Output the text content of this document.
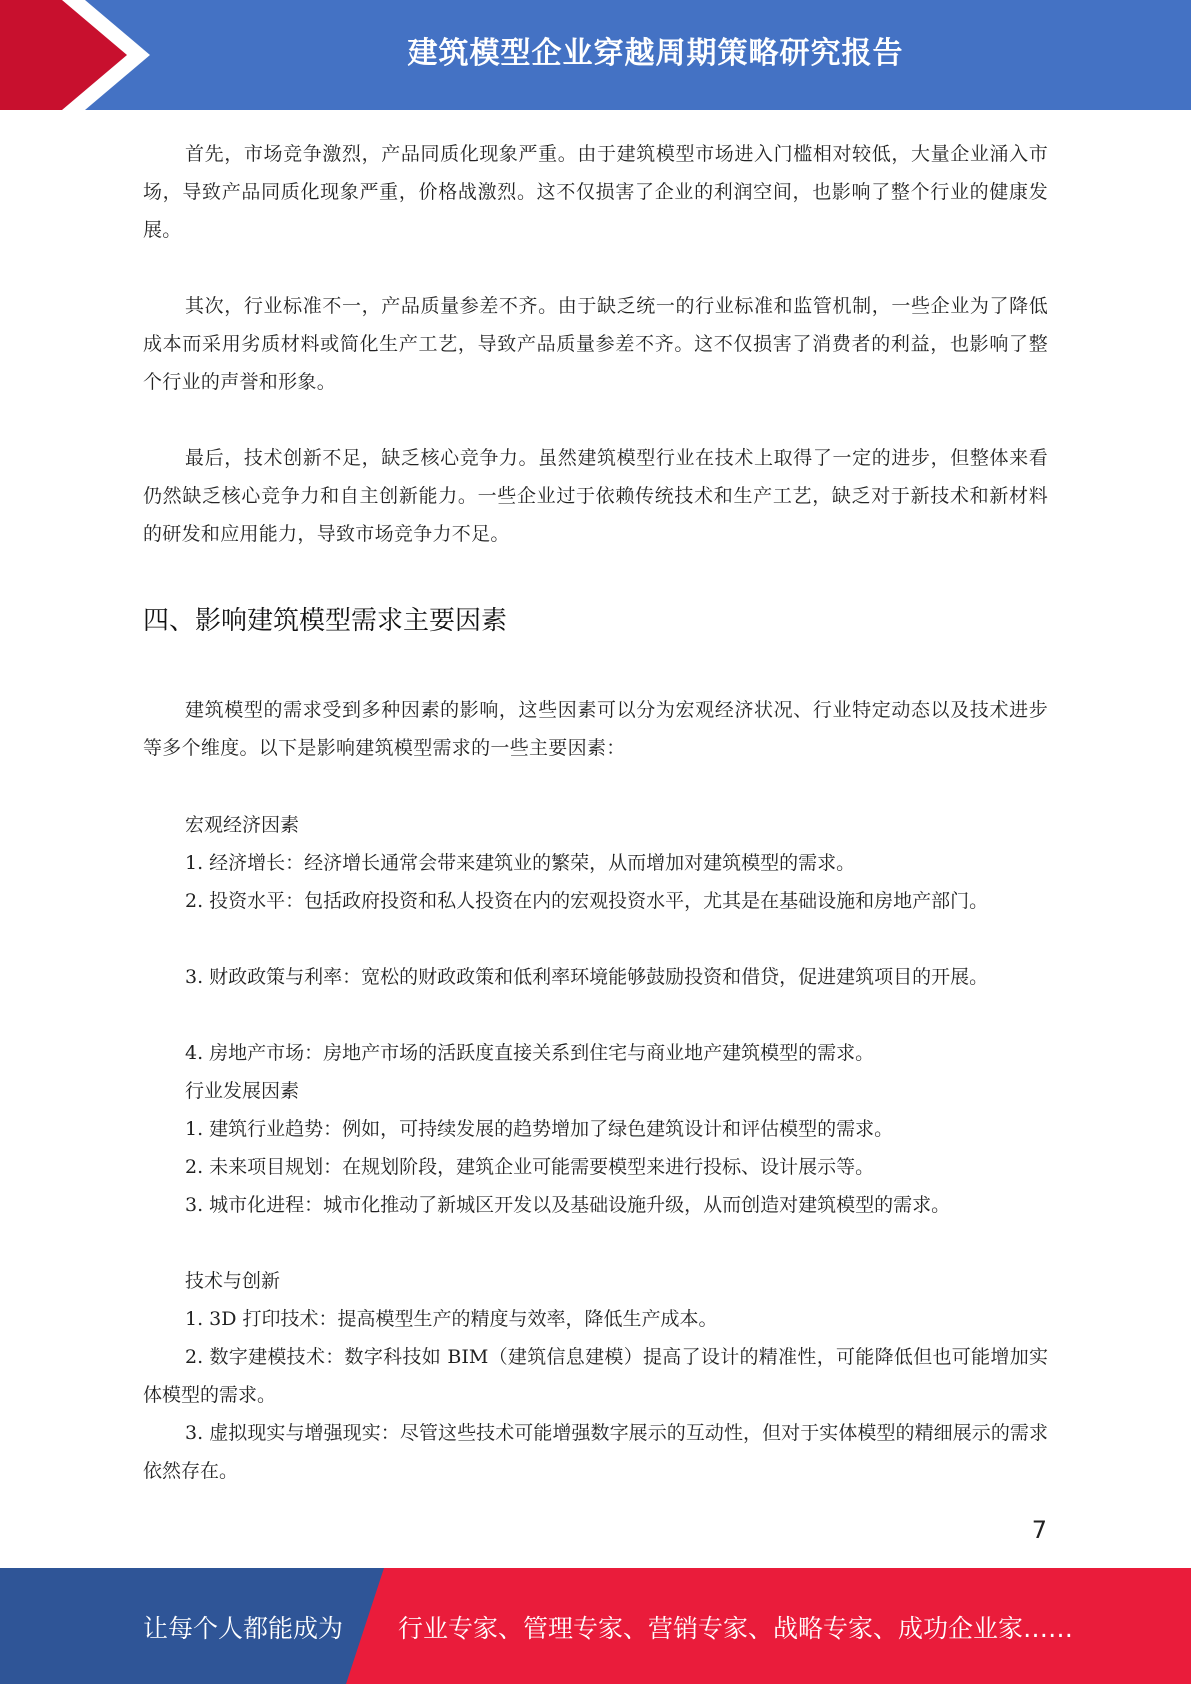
建筑模型企业穿越周期策略研究报告

首先，市场竞争激烈，产品同质化现象严重。由于建筑模型市场进入门槛相对较低，大量企业涌入市场，导致产品同质化现象严重，价格战激烈。这不仅损害了企业的利润空间，也影响了整个行业的健康发展。

其次，行业标准不一，产品质量参差不齐。由于缺乏统一的行业标准和监管机制，一些企业为了降低成本而采用劣质材料或简化生产工艺，导致产品质量参差不齐。这不仅损害了消费者的利益，也影响了整个行业的声誉和形象。

最后，技术创新不足，缺乏核心竞争力。虽然建筑模型行业在技术上取得了一定的进步，但整体来看仍然缺乏核心竞争力和自主创新能力。一些企业过于依赖传统技术和生产工艺，缺乏对于新技术和新材料的研发和应用能力，导致市场竞争力不足。

四、影响建筑模型需求主要因素

建筑模型的需求受到多种因素的影响，这些因素可以分为宏观经济状况、行业特定动态以及技术进步等多个维度。以下是影响建筑模型需求的一些主要因素：

宏观经济因素

1. 经济增长：经济增长通常会带来建筑业的繁荣，从而增加对建筑模型的需求。

2. 投资水平：包括政府投资和私人投资在内的宏观投资水平，尤其是在基础设施和房地产部门。

3. 财政政策与利率：宽松的财政政策和低利率环境能够鼓励投资和借贷，促进建筑项目的开展。

4. 房地产市场：房地产市场的活跃度直接关系到住宅与商业地产建筑模型的需求。

行业发展因素

1. 建筑行业趋势：例如，可持续发展的趋势增加了绿色建筑设计和评估模型的需求。

2. 未来项目规划：在规划阶段，建筑企业可能需要模型来进行投标、设计展示等。

3. 城市化进程：城市化推动了新城区开发以及基础设施升级，从而创造对建筑模型的需求。

技术与创新

1. 3D 打印技术：提高模型生产的精度与效率，降低生产成本。

2. 数字建模技术：数字科技如 BIM（建筑信息建模）提高了设计的精准性，可能降低但也可能增加实体模型的需求。

3. 虚拟现实与增强现实：尽管这些技术可能增强数字展示的互动性，但对于实体模型的精细展示的需求依然存在。

7
让每个人都能成为 行业专家、管理专家、营销专家、战略专家、成功企业家……
